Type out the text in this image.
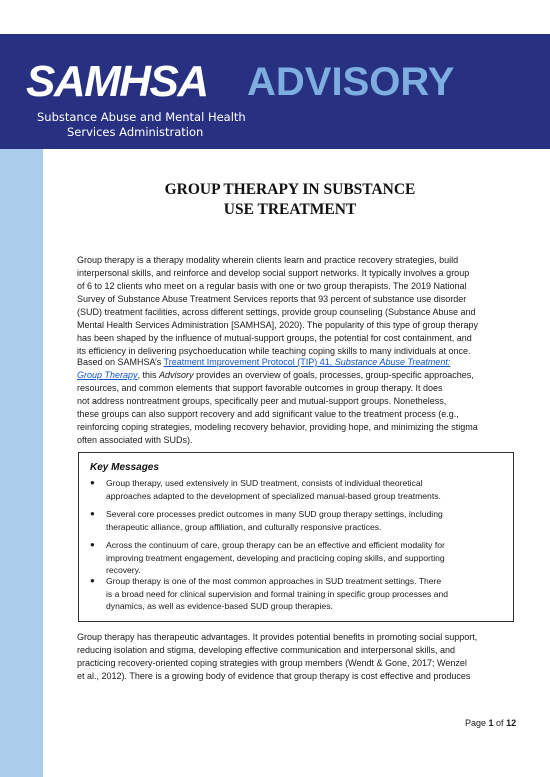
SAMHSA ADVISORY
Substance Abuse and Mental Health
Services Administration
GROUP THERAPY IN SUBSTANCE
USE TREATMENT
Group therapy is a therapy modality wherein clients learn and practice recovery strategies, build
interpersonal skills, and reinforce and develop social support networks. It typically involves a group
of 6 to 12 clients who meet on a regular basis with one or two group therapists. The 2019 National
Survey of Substance Abuse Treatment Services reports that 93 percent of substance use disorder
(SUD) treatment facilities, across different settings, provide group counseling (Substance Abuse and
Mental Health Services Administration [SAMHSA], 2020). The popularity of this type of group therapy
has been shaped by the influence of mutual-support groups, the potential for cost containment, and
its efficiency in delivering psychoeducation while teaching coping skills to many individuals at once.
Based on SAMHSA’s Treatment Improvement Protocol (TIP) 41, Substance Abuse Treatment:
Group Therapy, this Advisory provides an overview of goals, processes, group-specific approaches,
resources, and common elements that support favorable outcomes in group therapy. It does
not address nontreatment groups, specifically peer and mutual-support groups. Nonetheless,
these groups can also support recovery and add significant value to the treatment process (e.g.,
reinforcing coping strategies, modeling recovery behavior, providing hope, and minimizing the stigma
often associated with SUDs).
Key Messages
● Group therapy, used extensively in SUD treatment, consists of individual theoretical
approaches adapted to the development of specialized manual-based group treatments.
● Several core processes predict outcomes in many SUD group therapy settings, including
therapeutic alliance, group affiliation, and culturally responsive practices.
● Across the continuum of care, group therapy can be an effective and efficient modality for
improving treatment engagement, developing and practicing coping skills, and supporting
recovery.
● Group therapy is one of the most common approaches in SUD treatment settings. There
is a broad need for clinical supervision and formal training in specific group processes and
dynamics, as well as evidence-based SUD group therapies.
Group therapy has therapeutic advantages. It provides potential benefits in promoting social support,
reducing isolation and stigma, developing effective communication and interpersonal skills, and
practicing recovery-oriented coping strategies with group members (Wendt & Gone, 2017; Wenzel
et al., 2012). There is a growing body of evidence that group therapy is cost effective and produces
Page 1 of 12
